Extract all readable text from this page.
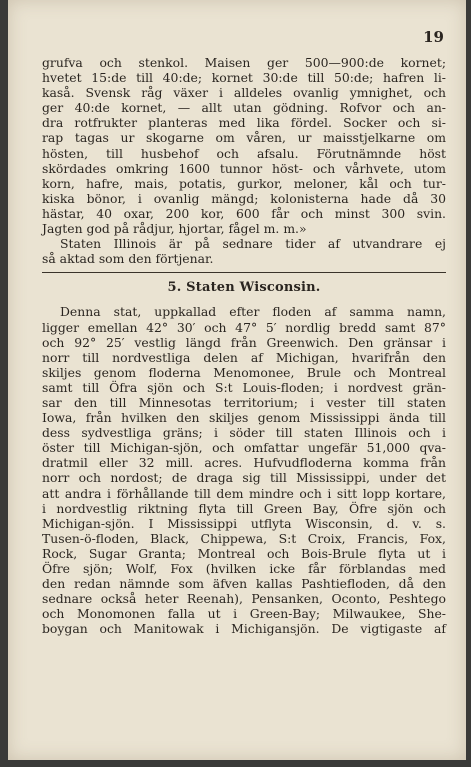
19

grufva och stenkol. Maisen ger 500—900:de kornet;
hvetet 15:de till 40:de; kornet 30:de till 50:de; hafren li-
kaså. Svensk råg växer i alldeles ovanlig ymnighet, och
ger 40:de kornet, — allt utan gödning. Rofvor och an-
dra rotfrukter planteras med lika fördel. Socker och si-
rap tagas ur skogarne om våren, ur maisstjelkarne om
hösten, till husbehof och afsalu. Förutnämnde höst
skördades omkring 1600 tunnor höst- och vårhvete, utom
korn, hafre, mais, potatis, gurkor, meloner, kål och tur-
kiska bönor, i ovanlig mängd; kolonisterna hade då 30
hästar, 40 oxar, 200 kor, 600 får och minst 300 svin.
Jagten god på rådjur, hjortar, fågel m. m.»

Staten Illinois är på sednare tider af utvandrare ej
så aktad som den förtjenar.

5. Staten Wisconsin.

Denna stat, uppkallad efter floden af samma namn,
ligger emellan 42° 30′ och 47° 5′ nordlig bredd samt 87°
och 92° 25′ vestlig längd från Greenwich. Den gränsar i
norr till nordvestliga delen af Michigan, hvarifrån den
skiljes genom floderna Menomonee, Brule och Montreal
samt till Öfra sjön och S:t Louis-floden; i nordvest grän-
sar den till Minnesotas territorium; i vester till staten
Iowa, från hvilken den skiljes genom Mississippi ända till
dess sydvestliga gräns; i söder till staten Illinois och i
öster till Michigan-sjön, och omfattar ungefär 51,000 qva-
dratmil eller 32 mill. acres. Hufvudfloderna komma från
norr och nordost; de draga sig till Mississippi, under det
att andra i förhållande till dem mindre och i sitt lopp kortare,
i nordvestlig riktning flyta till Green Bay, Öfre sjön och
Michigan-sjön. I Mississippi utflyta Wisconsin, d. v. s.
Tusen-ö-floden, Black, Chippewa, S:t Croix, Francis, Fox,
Rock, Sugar Granta; Montreal och Bois-Brule flyta ut i
Öfre sjön; Wolf, Fox (hvilken icke får förblandas med
den redan nämnde som äfven kallas Pashtiefloden, då den
sednare också heter Reenah), Pensanken, Oconto, Peshtego
och Monomonen falla ut i Green-Bay; Milwaukee, She-
boygan och Manitowak i Michigansjön. De vigtigaste af
